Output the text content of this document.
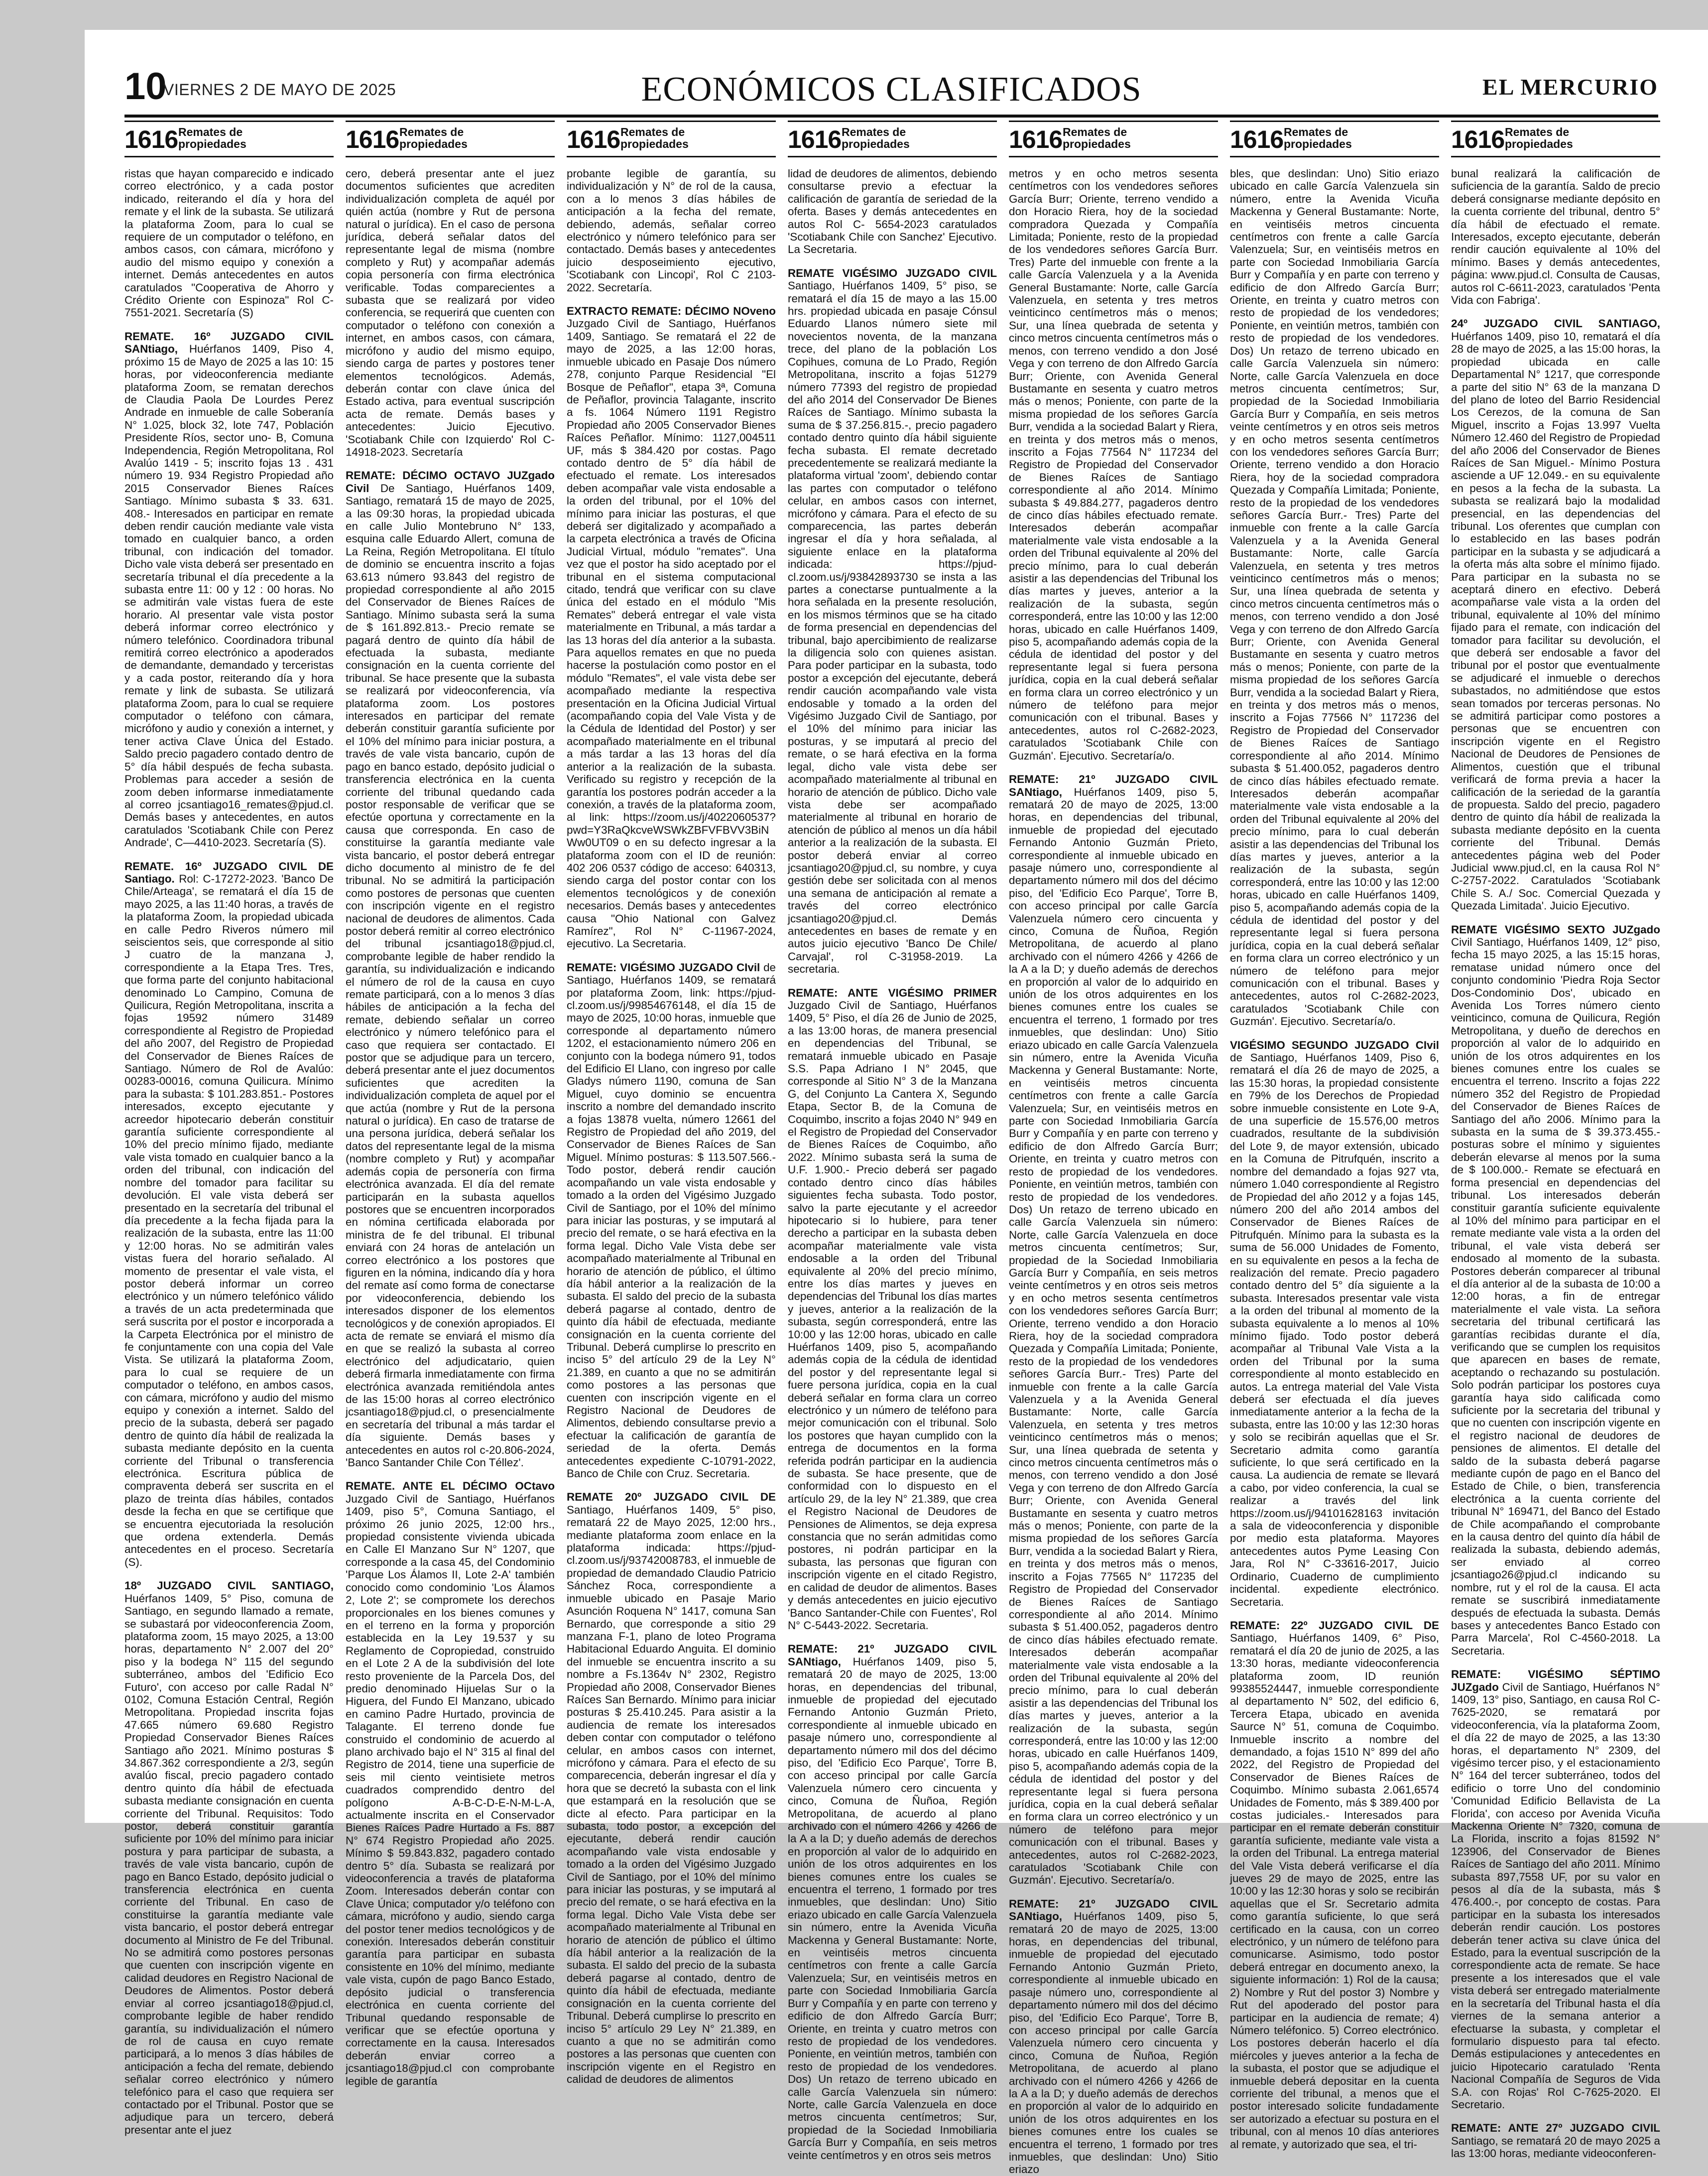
10
VIERNES 2 DE MAYO DE 2025	ECONÓMICOS CLASIFICADOS	EL MERCURIO
1616 Remates de propiedades

ristas que hayan comparecido e indicado correo electrónico, y a cada postor indicado, reiterando el día y hora del remate y el link de la subasta. Se utilizará la plataforma Zoom, para lo cual se requiere de un computador o teléfono, en ambos casos, con cámara, micrófono y audio del mismo equipo y conexión a internet. Demás antecedentes en autos caratulados "Cooperativa de Ahorro y Crédito Oriente con Espinoza" Rol C-7551-2021. Secretaría (S)

REMATE. 16º JUZGADO CIVIL SANtiago, Huérfanos 1409, Piso 4, próximo 15 de Mayo de 2025 a las 10: 15 horas, por videoconferencia mediante plataforma Zoom, se rematan derechos de Claudia Paola De Lourdes Perez Andrade en inmueble de calle Soberanía N° 1.025, block 32, lote 747, Población Presidente Ríos, sector uno- B, Comuna Independencia, Región Metropolitana, Rol Avalúo 1419 - 5; inscrito fojas 13 . 431 número 19. 934 Registro Propiedad año 2015 Conservador Bienes Raíces Santiago. Mínimo subasta $ 33. 631. 408.- Interesados en participar en remate deben rendir caución mediante vale vista tomado en cualquier banco, a orden tribunal, con indicación del tomador. Dicho vale vista deberá ser presentado en secretaría tribunal el día precedente a la subasta entre 11: 00 y 12 : 00 horas. No se admitirán vale vistas fuera de este horario. Al presentar vale vista postor deberá informar correo electrónico y número telefónico. Coordinadora tribunal remitirá correo electrónico a apoderados de demandante, demandado y terceristas y a cada postor, reiterando día y hora remate y link de subasta. Se utilizará plataforma Zoom, para lo cual se requiere computador o teléfono con cámara, micrófono y audio y conexión a internet, y tener activa Clave Única del Estado. Saldo precio pagadero contado dentro de 5° día hábil después de fecha subasta. Problemas para acceder a sesión de zoom deben informarse inmediatamente al correo jcsantiago16_remates@pjud.cl. Demás bases y antecedentes, en autos caratulados 'Scotiabank Chile con Perez Andrade', C—4410-2023. Secretaría (S).

REMATE. 16º JUZGADO CIVIL DE Santiago. Rol: C-17272-2023. 'Banco De Chile/Arteaga', se rematará el día 15 de mayo 2025, a las 11:40 horas, a través de la plataforma Zoom, la propiedad ubicada en calle Pedro Riveros número mil seiscientos seis, que corresponde al sitio J cuatro de la manzana J, correspondiente a la Etapa Tres. Tres, que forma parte del conjunto habitacional denominado Lo Campino, Comuna de Quilicura, Región Metropolitana, inscrita a fojas 19592 número 31489 correspondiente al Registro de Propiedad del año 2007, del Registro de Propiedad del Conservador de Bienes Raíces de Santiago. Número de Rol de Avalúo: 00283-00016, comuna Quilicura. Mínimo para la subasta: $ 101.283.851.- Postores interesados, excepto ejecutante y acreedor hipotecario deberán constituir garantía suficiente correspondiente al 10% del precio mínimo fijado, mediante vale vista tomado en cualquier banco a la orden del tribunal, con indicación del nombre del tomador para facilitar su devolución. El vale vista deberá ser presentado en la secretaría del tribunal el día precedente a la fecha fijada para la realización de la subasta, entre las 11:00 y 12:00 horas. No se admitirán vales vistas fuera del horario señalado. Al momento de presentar el vale vista, el postor deberá informar un correo electrónico y un número telefónico válido a través de un acta predeterminada que será suscrita por el postor e incorporada a la Carpeta Electrónica por el ministro de fe conjuntamente con una copia del Vale Vista. Se utilizará la plataforma Zoom, para lo cual se requiere de un computador o teléfono, en ambos casos, con cámara, micrófono y audio del mismo equipo y conexión a internet. Saldo del precio de la subasta, deberá ser pagado dentro de quinto día hábil de realizada la subasta mediante depósito en la cuenta corriente del Tribunal o transferencia electrónica. Escritura pública de compraventa deberá ser suscrita en el plazo de treinta días hábiles, contados desde la fecha en que se certifique que se encuentra ejecutoriada la resolución que ordena extenderla. Demás antecedentes en el proceso. Secretaría (S).

18º JUZGADO CIVIL SANTIAGO, Huérfanos 1409, 5° Piso, comuna de Santiago, en segundo llamado a remate, se subastará por videoconferencia Zoom, plataforma zoom, 15 mayo 2025, a 13:00 horas, departamento N° 2.007 del 20° piso y la bodega N° 115 del segundo subterráneo, ambos del 'Edificio Eco Futuro', con acceso por calle Radal N° 0102, Comuna Estación Central, Región Metropolitana. Propiedad inscrita fojas 47.665 número 69.680 Registro Propiedad Conservador Bienes Raíces Santiago año 2021. Mínimo posturas $ 34.867.362 correspondiente a 2/3, según avalúo fiscal, precio pagadero contado dentro quinto día hábil de efectuada subasta mediante consignación en cuenta corriente del Tribunal. Requisitos: Todo postor, deberá constituir garantía suficiente por 10% del mínimo para iniciar postura y para participar de subasta, a través de vale vista bancario, cupón de pago en Banco Estado, depósito judicial o transferencia electrónica en cuenta corriente del Tribunal. En caso de constituirse la garantía mediante vale vista bancario, el postor deberá entregar documento al Ministro de Fe del Tribunal. No se admitirá como postores personas que cuenten con inscripción vigente en calidad deudores en Registro Nacional de Deudores de Alimentos. Postor deberá enviar al correo jcsantiago18@pjud.cl, comprobante legible de haber rendido garantía, su individualización el número de rol de causa en cuyo remate participará, a lo menos 3 días hábiles de anticipación a fecha del remate, debiendo señalar correo electrónico y número telefónico para el caso que requiera ser contactado por el Tribunal. Postor que se adjudique para un tercero, deberá presentar ante el juez

1616 Remates de propiedades

cero, deberá presentar ante el juez documentos suficientes que acrediten individualización completa de aquél por quién actúa (nombre y Rut de persona natural o jurídica). En el caso de persona jurídica, deberá señalar datos del representante legal de misma (nombre completo y Rut) y acompañar además copia personería con firma electrónica verificable. Todas comparecientes a subasta que se realizará por video conferencia, se requerirá que cuenten con computador o teléfono con conexión a internet, en ambos casos, con cámara, micrófono y audio del mismo equipo, siendo carga de partes y postores tener elementos tecnológicos. Además, deberán contar con clave única del Estado activa, para eventual suscripción acta de remate. Demás bases y antecedentes: Juicio Ejecutivo. 'Scotiabank Chile con Izquierdo' Rol C-14918-2023. Secretaría

REMATE: DÉCIMO OCTAVO JUZgado Civil De Santiago, Huérfanos 1409, Santiago, rematará 15 de mayo de 2025, a las 09:30 horas, la propiedad ubicada en calle Julio Montebruno N° 133, esquina calle Eduardo Allert, comuna de La Reina, Región Metropolitana. El título de dominio se encuentra inscrito a fojas 63.613 número 93.843 del registro de propiedad correspondiente al año 2015 del Conservador de Bienes Raíces de Santiago. Mínimo subasta será la suma de $ 161.892.813.- Precio remate se pagará dentro de quinto día hábil de efectuada la subasta, mediante consignación en la cuenta corriente del tribunal. Se hace presente que la subasta se realizará por videoconferencia, vía plataforma zoom. Los postores interesados en participar del remate deberán constituir garantía suficiente por el 10% del mínimo para iniciar postura, a través de vale vista bancario, cupón de pago en banco estado, depósito judicial o transferencia electrónica en la cuenta corriente del tribunal quedando cada postor responsable de verificar que se efectúe oportuna y correctamente en la causa que corresponda. En caso de constituirse la garantía mediante vale vista bancario, el postor deberá entregar dicho documento al ministro de fe del tribunal. No se admitirá la participación como postores de personas que cuenten con inscripción vigente en el registro nacional de deudores de alimentos. Cada postor deberá remitir al correo electrónico del tribunal jcsantiago18@pjud.cl, comprobante legible de haber rendido la garantía, su individualización e indicando el número de rol de la causa en cuyo remate participará, con a lo menos 3 días hábiles de anticipación a la fecha del remate, debiendo señalar un correo electrónico y número telefónico para el caso que requiera ser contactado. El postor que se adjudique para un tercero, deberá presentar ante el juez documentos suficientes que acrediten la individualización completa de aquel por el que actúa (nombre y Rut de la persona natural o jurídica). En caso de tratarse de una persona jurídica, deberá señalar los datos del representante legal de la misma (nombre completo y Rut) y acompañar además copia de personería con firma electrónica avanzada. El día del remate participarán en la subasta aquellos postores que se encuentren incorporados en nómina certificada elaborada por ministra de fe del tribunal. El tribunal enviará con 24 horas de antelación un correo electrónico a los postores que figuren en la nómina, indicando día y hora del remate así como forma de conectarse por videoconferencia, debiendo los interesados disponer de los elementos tecnológicos y de conexión apropiados. El acta de remate se enviará el mismo día en que se realizó la subasta al correo electrónico del adjudicatario, quien deberá firmarla inmediatamente con firma electrónica avanzada remitiéndola antes de las 15:00 horas al correo electrónico jcsantiago18@pjud.cl, o presencialmente en secretaría del tribunal a más tardar el día siguiente. Demás bases y antecedentes en autos rol c-20.806-2024, 'Banco Santander Chile Con Téllez'.

REMATE. ANTE EL DÉCIMO OCtavo Juzgado Civil de Santiago, Huérfanos 1409, piso 5°, Comuna Santiago, el próximo 26 junio 2025, 12:00 hrs., propiedad consistente vivienda ubicada en Calle El Manzano Sur N° 1207, que corresponde a la casa 45, del Condominio 'Parque Los Álamos II, Lote 2-A' también conocido como condominio 'Los Álamos 2, Lote 2'; se compromete los derechos proporcionales en los bienes comunes y en el terreno en la forma y proporción establecida en la Ley 19.537 y su Reglamento de Copropiedad, construido en el Lote 2 A de la subdivisión del lote resto proveniente de la Parcela Dos, del predio denominado Hijuelas Sur o la Higuera, del Fundo El Manzano, ubicado en camino Padre Hurtado, provincia de Talagante. El terreno donde fue construido el condominio de acuerdo al plano archivado bajo el N° 315 al final del Registro de 2014, tiene una superficie de seis mil ciento veintisiete metros cuadrados comprendido dentro del polígono A-B-C-D-E-N-M-L-A, actualmente inscrita en el Conservador Bienes Raíces Padre Hurtado a Fs. 887 N° 674 Registro Propiedad año 2025. Mínimo $ 59.843.832, pagadero contado dentro 5° día. Subasta se realizará por videoconferencia a través de plataforma Zoom. Interesados deberán contar con Clave Única; computador y/o teléfono con cámara, micrófono y audio, siendo carga del postor tener medios tecnológicos y de conexión. Interesados deberán constituir garantía para participar en subasta consistente en 10% del mínimo, mediante vale vista, cupón de pago Banco Estado, depósito judicial o transferencia electrónica en cuenta corriente del Tribunal quedando responsable de verificar que se efectúe oportuna y correctamente en la causa. Interesados deberán enviar correo a jcsantiago18@pjud.cl con comprobante legible de garantía

1616 Remates de propiedades

probante legible de garantía, su individualización y N° de rol de la causa, con a lo menos 3 días hábiles de anticipación a la fecha del remate, debiendo, además, señalar correo electrónico y número telefónico para ser contactado. Demás bases y antecedentes juicio desposeimiento ejecutivo, 'Scotiabank con Lincopi', Rol C 2103-2022. Secretaría.

EXTRACTO REMATE: DÉCIMO NOveno Juzgado Civil de Santiago, Huérfanos 1409, Santiago. Se rematará el 22 de mayo de 2025, a las 12:00 horas, inmueble ubicado en Pasaje Dos número 278, conjunto Parque Residencial "El Bosque de Peñaflor", etapa 3ª, Comuna de Peñaflor, provincia Talagante, inscrito a fs. 1064 Número 1191 Registro Propiedad año 2005 Conservador Bienes Raíces Peñaflor. Mínimo: 1127,004511 UF, más $ 384.420 por costas. Pago contado dentro de 5° día hábil de efectuado el remate. Los interesados deben acompañar vale vista endosable a la orden del tribunal, por el 10% del mínimo para iniciar las posturas, el que deberá ser digitalizado y acompañado a la carpeta electrónica a través de Oficina Judicial Virtual, módulo "remates". Una vez que el postor ha sido aceptado por el tribunal en el sistema computacional citado, tendrá que verificar con su clave única del estado en el módulo "Mis Remates" deberá entregar el vale vista materialmente en Tribunal, a más tardar a las 13 horas del día anterior a la subasta. Para aquellos remates en que no pueda hacerse la postulación como postor en el módulo "Remates", el vale vista debe ser acompañado mediante la respectiva presentación en la Oficina Judicial Virtual (acompañando copia del Vale Vista y de la Cédula de Identidad del Postor) y ser acompañado materialmente en el tribunal a más tardar a las 13 horas del día anterior a la realización de la subasta. Verificado su registro y recepción de la garantía los postores podrán acceder a la conexión, a través de la plataforma zoom, al link: https://zoom.us/j/4022060537?pwd=Y3RaQkcvеWSWkZBFVFBVV3BiNWw0UT09 o en su defecto ingresar a la plataforma zoom con el ID de reunión: 402 206 0537 código de acceso: 640313, siendo carga del postor contar con los elementos tecnológicos y de conexión necesarios. Demás bases y antecedentes causa "Ohio National con Galvez Ramírez", Rol N° C-11967-2024, ejecutivo. La Secretaria.

REMATE: VIGÉSIMO JUZGADO CIvil de Santiago, Huérfanos 1409, se rematará por plataforma Zoom, link: https://pjud-cl.zoom.us/j/99854676148, el día 15 de mayo de 2025, 10:00 horas, inmueble que corresponde al departamento número 1202, el estacionamiento número 206 en conjunto con la bodega número 91, todos del Edificio El Llano, con ingreso por calle Gladys número 1190, comuna de San Miguel, cuyo dominio se encuentra inscrito a nombre del demandado inscrito a fojas 13878 vuelta, número 12661 del Registro de Propiedad del año 2019, del Conservador de Bienes Raíces de San Miguel. Mínimo posturas: $ 113.507.566.- Todo postor, deberá rendir caución acompañando un vale vista endosable y tomado a la orden del Vigésimo Juzgado Civil de Santiago, por el 10% del mínimo para iniciar las posturas, y se imputará al precio del remate, o se hará efectiva en la forma legal. Dicho Vale Vista debe ser acompañado materialmente al Tribunal en horario de atención de público, el último día hábil anterior a la realización de la subasta. El saldo del precio de la subasta deberá pagarse al contado, dentro de quinto día hábil de efectuada, mediante consignación en la cuenta corriente del Tribunal. Deberá cumplirse lo prescrito en inciso 5° del artículo 29 de la Ley N° 21.389, en cuanto a que no se admitirán como postores a las personas que cuenten con inscripción vigente en el Registro Nacional de Deudores de Alimentos, debiendo consultarse previo a efectuar la calificación de garantía de seriedad de la oferta. Demás antecedentes expediente C-10791-2022, Banco de Chile con Cruz. Secretaria.

REMATE 20º JUZGADO CIVIL DE Santiago, Huérfanos 1409, 5° piso, rematará 22 de Mayo 2025, 12:00 hrs., mediante plataforma zoom enlace en la plataforma indicada: https://pjud-cl.zoom.us/j/93742008783, el inmueble de propiedad de demandado Claudio Patricio Sánchez Roca, correspondiente a inmueble ubicado en Pasaje Mario Asunción Roquena N° 1417, comuna San Bernardo, que corresponde a sitio 29 manzana F-1, plano de loteo Programa Habitacional Eduardo Anguita. El dominio del inmueble se encuentra inscrito a su nombre a Fs.1364v N° 2302, Registro Propiedad año 2008, Conservador Bienes Raíces San Bernardo. Mínimo para iniciar posturas $ 25.410.245. Para asistir a la audiencia de remate los interesados deben contar con computador o teléfono celular, en ambos casos con internet, micrófono y cámara. Para el efecto de su comparecencia, deberán ingresar el día y hora que se decretó la subasta con el link que estampará en la resolución que se dicte al efecto. Para participar en la subasta, todo postor, a excepción del ejecutante, deberá rendir caución acompañando vale vista endosable y tomado a la orden del Vigésimo Juzgado Civil de Santiago, por el 10% del mínimo para iniciar las posturas, y se imputará al precio del remate, o se hará efectiva en la forma legal. Dicho Vale Vista debe ser acompañado materialmente al Tribunal en horario de atención de público el último día hábil anterior a la realización de la subasta. El saldo del precio de la subasta deberá pagarse al contado, dentro de quinto día hábil de efectuada, mediante consignación en la cuenta corriente del Tribunal. Deberá cumplirse lo prescrito en inciso 5° artículo 29 Ley N° 21.389, en cuanto a que no se admitirán como postores a las personas que cuenten con inscripción vigente en el Registro en calidad de deudores de alimentos

1616 Remates de propiedades

lidad de deudores de alimentos, debiendo consultarse previo a efectuar la calificación de garantía de seriedad de la oferta. Bases y demás antecedentes en autos Rol C- 5654-2023 caratulados 'Scotiabank Chile con Sanchez' Ejecutivo. La Secretaria.

REMATE VIGÉSIMO JUZGADO CIVIL Santiago, Huérfanos 1409, 5° piso, se rematará el día 15 de mayo a las 15.00 hrs. propiedad ubicada en pasaje Cónsul Eduardo Llanos número siete mil novecientos noventa, de la manzana trece, del plano de la población Los Copihues, comuna de Lo Prado, Región Metropolitana, inscrito a fojas 51279 número 77393 del registro de propiedad del año 2014 del Conservador De Bienes Raíces de Santiago. Mínimo subasta la suma de $ 37.256.815.-, precio pagadero contado dentro quinto día hábil siguiente fecha subasta. El remate decretado precedentemente se realizará mediante la plataforma virtual 'zoom', debiendo contar las partes con computador o teléfono celular, en ambos casos con internet, micrófono y cámara. Para el efecto de su comparecencia, las partes deberán ingresar el día y hora señalada, al siguiente enlace en la plataforma indicada: https://pjud-cl.zoom.us/j/93842893730 se insta a las partes a conectarse puntualmente a la hora señalada en la presente resolución, en los mismos términos que se ha citado de forma presencial en dependencias del tribunal, bajo apercibimiento de realizarse la diligencia solo con quienes asistan. Para poder participar en la subasta, todo postor a excepción del ejecutante, deberá rendir caución acompañando vale vista endosable y tomado a la orden del Vigésimo Juzgado Civil de Santiago, por el 10% del mínimo para iniciar las posturas, y se imputará al precio del remate, o se hará efectiva en la forma legal, dicho vale vista debe ser acompañado materialmente al tribunal en horario de atención de público. Dicho vale vista debe ser acompañado materialmente al tribunal en horario de atención de público al menos un día hábil anterior a la realización de la subasta. El postor deberá enviar al correo jcsantiago20@pjud.cl, su nombre, y cuya gestión debe ser solicitada con al menos una semana de anticipación al remate a través del correo electrónico jcsantiago20@pjud.cl. Demás antecedentes en bases de remate y en autos juicio ejecutivo 'Banco De Chile/ Carvajal', rol C-31958-2019. La secretaria.

REMATE: ANTE VIGÉSIMO PRIMER Juzgado Civil de Santiago, Huérfanos 1409, 5° Piso, el día 26 de Junio de 2025, a las 13:00 horas, de manera presencial en dependencias del Tribunal, se rematará inmueble ubicado en Pasaje S.S. Papa Adriano I N° 2045, que corresponde al Sitio N° 3 de la Manzana G, del Conjunto La Cantera X, Segundo Etapa, Sector B, de la Comuna de Coquimbo, inscrito a fojas 2040 N° 949 en el Registro de Propiedad del Conservador de Bienes Raíces de Coquimbo, año 2022. Mínimo subasta será la suma de U.F. 1.900.- Precio deberá ser pagado contado dentro cinco días hábiles siguientes fecha subasta. Todo postor, salvo la parte ejecutante y el acreedor hipotecario si lo hubiere, para tener derecho a participar en la subasta deben acompañar materialmente vale vista endosable a la orden del Tribunal equivalente al 20% del precio mínimo, entre los días martes y jueves en dependencias del Tribunal los días martes y jueves, anterior a la realización de la subasta, según corresponderá, entre las 10:00 y las 12:00 horas, ubicado en calle Huérfanos 1409, piso 5, acompañando además copia de la cédula de identidad del postor y del representante legal si fuere persona jurídica, copia en la cual deberá señalar en forma clara un correo electrónico y un número de teléfono para mejor comunicación con el tribunal. Solo los postores que hayan cumplido con la entrega de documentos en la forma referida podrán participar en la audiencia de subasta. Se hace presente, que de conformidad con lo dispuesto en el artículo 29, de la ley N° 21.389, que crea el Registro Nacional de Deudores de Pensiones de Alimentos, se deja expresa constancia que no serán admitidas como postores, ni podrán participar en la subasta, las personas que figuran con inscripción vigente en el citado Registro, en calidad de deudor de alimentos. Bases y demás antecedentes en juicio ejecutivo 'Banco Santander-Chile con Fuentes', Rol N° C-5443-2022. Secretaria.

REMATE: 21º JUZGADO CIVIL SANtiago, Huérfanos 1409, piso 5, rematará 20 de mayo de 2025, 13:00 horas, en dependencias del tribunal, inmueble de propiedad del ejecutado Fernando Antonio Guzmán Prieto, correspondiente al inmueble ubicado en pasaje número uno, correspondiente al departamento número mil dos del décimo piso, del 'Edificio Eco Parque', Torre B, con acceso principal por calle García Valenzuela número cero cincuenta y cinco, Comuna de Ñuñoa, Región Metropolitana, de acuerdo al plano archivado con el número 4266 y 4266 de la A a la D; y dueño además de derechos en proporción al valor de lo adquirido en unión de los otros adquirentes en los bienes comunes entre los cuales se encuentra el terreno, 1 formado por tres inmuebles, que deslindan: Uno) Sitio eriazo ubicado en calle García Valenzuela sin número, entre la Avenida Vicuña Mackenna y General Bustamante: Norte, en veintiséis metros cincuenta centímetros con frente a calle García Valenzuela; Sur, en veintiséis metros en parte con Sociedad Inmobiliaria García Burr y Compañía y en parte con terreno y edificio de don Alfredo García Burr; Oriente, en treinta y cuatro metros con resto de propiedad de los vendedores. Poniente, en veintiún metros, también con resto de propiedad de los vendedores. Dos) Un retazo de terreno ubicado en calle García Valenzuela sin número: Norte, calle García Valenzuela en doce metros cincuenta centímetros; Sur, propiedad de la Sociedad Inmobiliaria García Burr y Compañía, en seis metros veinte centímetros y en otros seis metros

1616 Remates de propiedades

metros y en ocho metros sesenta centímetros con los vendedores señores García Burr; Oriente, terreno vendido a don Horacio Riera, hoy de la sociedad compradora Quezada y Compañía Limitada; Poniente, resto de la propiedad de los vendedores señores García Burr. Tres) Parte del inmueble con frente a la calle García Valenzuela y a la Avenida General Bustamante: Norte, calle García Valenzuela, en setenta y tres metros veinticinco centímetros más o menos; Sur, una línea quebrada de setenta y cinco metros cincuenta centímetros más o menos, con terreno vendido a don José Vega y con terreno de don Alfredo García Burr; Oriente, con Avenida General Bustamante en sesenta y cuatro metros más o menos; Poniente, con parte de la misma propiedad de los señores García Burr, vendida a la sociedad Balart y Riera, en treinta y dos metros más o menos, inscrito a Fojas 77564 N° 117234 del Registro de Propiedad del Conservador de Bienes Raíces de Santiago correspondiente al año 2014. Mínimo subasta $ 49.884.277, pagaderos dentro de cinco días hábiles efectuado remate. Interesados deberán acompañar materialmente vale vista endosable a la orden del Tribunal equivalente al 20% del precio mínimo, para lo cual deberán asistir a las dependencias del Tribunal los días martes y jueves, anterior a la realización de la subasta, según corresponderá, entre las 10:00 y las 12:00 horas, ubicado en calle Huérfanos 1409, piso 5, acompañando además copia de la cédula de identidad del postor y del representante legal si fuera persona jurídica, copia en la cual deberá señalar en forma clara un correo electrónico y un número de teléfono para mejor comunicación con el tribunal. Bases y antecedentes, autos rol C-2682-2023, caratulados 'Scotiabank Chile con Guzmán'. Ejecutivo. Secretaría/o.

REMATE: 21º JUZGADO CIVIL SANtiago, Huérfanos 1409, piso 5, rematará 20 de mayo de 2025, 13:00 horas, en dependencias del tribunal, inmueble de propiedad del ejecutado Fernando Antonio Guzmán Prieto, correspondiente al inmueble ubicado en pasaje número uno, correspondiente al departamento número mil dos del décimo piso, del 'Edificio Eco Parque', Torre B, con acceso principal por calle García Valenzuela número cero cincuenta y cinco, Comuna de Ñuñoa, Región Metropolitana, de acuerdo al plano archivado con el número 4266 y 4266 de la A a la D; y dueño además de derechos en proporción al valor de lo adquirido en unión de los otros adquirentes en los bienes comunes entre los cuales se encuentra el terreno, 1 formado por tres inmuebles, que deslindan: Uno) Sitio eriazo ubicado en calle García Valenzuela sin número, entre la Avenida Vicuña Mackenna y General Bustamante: Norte, en veintiséis metros cincuenta centímetros con frente a calle García Valenzuela; Sur, en veintiséis metros en parte con Sociedad Inmobiliaria García Burr y Compañía y en parte con terreno y edificio de don Alfredo García Burr; Oriente, en treinta y cuatro metros con resto de propiedad de los vendedores. Poniente, en veintiún metros, también con resto de propiedad de los vendedores. Dos) Un retazo de terreno ubicado en calle García Valenzuela sin número: Norte, calle García Valenzuela en doce metros cincuenta centímetros; Sur, propiedad de la Sociedad Inmobiliaria García Burr y Compañía, en seis metros veinte centímetros y en otros seis metros y en ocho metros sesenta centímetros con los vendedores señores García Burr; Oriente, terreno vendido a don Horacio Riera, hoy de la sociedad compradora Quezada y Compañía Limitada; Poniente, resto de la propiedad de los vendedores señores García Burr.- Tres) Parte del inmueble con frente a la calle García Valenzuela y a la Avenida General Bustamante: Norte, calle García Valenzuela, en setenta y tres metros veinticinco centímetros más o menos; Sur, una línea quebrada de setenta y cinco metros cincuenta centímetros más o menos, con terreno vendido a don José Vega y con terreno de don Alfredo García Burr; Oriente, con Avenida General Bustamante en sesenta y cuatro metros más o menos; Poniente, con parte de la misma propiedad de los señores García Burr, vendida a la sociedad Balart y Riera, en treinta y dos metros más o menos, inscrito a Fojas 77565 N° 117235 del Registro de Propiedad del Conservador de Bienes Raíces de Santiago correspondiente al año 2014. Mínimo subasta $ 51.400.052, pagaderos dentro de cinco días hábiles efectuado remate. Interesados deberán acompañar materialmente vale vista endosable a la orden del Tribunal equivalente al 20% del precio mínimo, para lo cual deberán asistir a las dependencias del Tribunal los días martes y jueves, anterior a la realización de la subasta, según corresponderá, entre las 10:00 y las 12:00 horas, ubicado en calle Huérfanos 1409, piso 5, acompañando además copia de la cédula de identidad del postor y del representante legal si fuera persona jurídica, copia en la cual deberá señalar en forma clara un correo electrónico y un número de teléfono para mejor comunicación con el tribunal. Bases y antecedentes, autos rol C-2682-2023, caratulados 'Scotiabank Chile con Guzmán'. Ejecutivo. Secretaría/o.

REMATE: 21º JUZGADO CIVIL SANtiago, Huérfanos 1409, piso 5, rematará 20 de mayo de 2025, 13:00 horas, en dependencias del tribunal, inmueble de propiedad del ejecutado Fernando Antonio Guzmán Prieto, correspondiente al inmueble ubicado en pasaje número uno, correspondiente al departamento número mil dos del décimo piso, del 'Edificio Eco Parque', Torre B, con acceso principal por calle García Valenzuela número cero cincuenta y cinco, Comuna de Ñuñoa, Región Metropolitana, de acuerdo al plano archivado con el número 4266 y 4266 de la A a la D; y dueño además de derechos en proporción al valor de lo adquirido en unión de los otros adquirentes en los bienes comunes entre los cuales se encuentra el terreno, 1 formado por tres inmuebles, que deslindan: Uno) Sitio eriazo

1616 Remates de propiedades

bles, que deslindan: Uno) Sitio eriazo ubicado en calle García Valenzuela sin número, entre la Avenida Vicuña Mackenna y General Bustamante: Norte, en veintiséis metros cincuenta centímetros con frente a calle García Valenzuela; Sur, en veintiséis metros en parte con Sociedad Inmobiliaria García Burr y Compañía y en parte con terreno y edificio de don Alfredo García Burr; Oriente, en treinta y cuatro metros con resto de propiedad de los vendedores; Poniente, en veintiún metros, también con resto de propiedad de los vendedores. Dos) Un retazo de terreno ubicado en calle García Valenzuela sin número: Norte, calle García Valenzuela en doce metros cincuenta centímetros; Sur, propiedad de la Sociedad Inmobiliaria García Burr y Compañía, en seis metros veinte centímetros y en otros seis metros y en ocho metros sesenta centímetros con los vendedores señores García Burr; Oriente, terreno vendido a don Horacio Riera, hoy de la sociedad compradora Quezada y Compañía Limitada; Poniente, resto de la propiedad de los vendedores señores García Burr.- Tres) Parte del inmueble con frente a la calle García Valenzuela y a la Avenida General Bustamante: Norte, calle García Valenzuela, en setenta y tres metros veinticinco centímetros más o menos; Sur, una línea quebrada de setenta y cinco metros cincuenta centímetros más o menos, con terreno vendido a don José Vega y con terreno de don Alfredo García Burr; Oriente, con Avenida General Bustamante en sesenta y cuatro metros más o menos; Poniente, con parte de la misma propiedad de los señores García Burr, vendida a la sociedad Balart y Riera, en treinta y dos metros más o menos, inscrito a Fojas 77566 N° 117236 del Registro de Propiedad del Conservador de Bienes Raíces de Santiago correspondiente al año 2014. Mínimo subasta $ 51.400.052, pagaderos dentro de cinco días hábiles efectuado remate. Interesados deberán acompañar materialmente vale vista endosable a la orden del Tribunal equivalente al 20% del precio mínimo, para lo cual deberán asistir a las dependencias del Tribunal los días martes y jueves, anterior a la realización de la subasta, según corresponderá, entre las 10:00 y las 12:00 horas, ubicado en calle Huérfanos 1409, piso 5, acompañando además copia de la cédula de identidad del postor y del representante legal si fuera persona jurídica, copia en la cual deberá señalar en forma clara un correo electrónico y un número de teléfono para mejor comunicación con el tribunal. Bases y antecedentes, autos rol C-2682-2023, caratulados 'Scotiabank Chile con Guzmán'. Ejecutivo. Secretaría/o.

VIGÉSIMO SEGUNDO JUZGADO CIvil de Santiago, Huérfanos 1409, Piso 6, rematará el día 26 de mayo de 2025, a las 15:30 horas, la propiedad consistente en 79% de los Derechos de Propiedad sobre inmueble consistente en Lote 9-A, de una superficie de 15.576,00 metros cuadrados, resultante de la subdivisión del Lote 9, de mayor extensión, ubicado en la Comuna de Pitrufquén, inscrito a nombre del demandado a fojas 927 vta, número 1.040 correspondiente al Registro de Propiedad del año 2012 y a fojas 145, número 200 del año 2014 ambos del Conservador de Bienes Raíces de Pitrufquén. Mínimo para la subasta es la suma de 56.000 Unidades de Fomento, en su equivalente en pesos a la fecha de realización del remate. Precio pagadero contado dentro del 5° día siguiente a la subasta. Interesados presentar vale vista a la orden del tribunal al momento de la subasta equivalente a lo menos al 10% mínimo fijado. Todo postor deberá acompañar al Tribunal Vale Vista a la orden del Tribunal por la suma correspondiente al monto establecido en autos. La entrega material del Vale Vista deberá ser efectuada el día jueves inmediatamente anterior a la fecha de la subasta, entre las 10:00 y las 12:30 horas y solo se recibirán aquellas que el Sr. Secretario admita como garantía suficiente, lo que será certificado en la causa. La audiencia de remate se llevará a cabo, por video conferencia, la cual se realizar a través del link https://zoom.us/j/94101628163 invitación a sala de videoconferencia y disponible por medio esta plataforma. Mayores antecedentes autos Pyme Leasing Con Jara, Rol N° C-33616-2017, Juicio Ordinario, Cuaderno de cumplimiento incidental. expediente electrónico. Secretaria.

REMATE: 22º JUZGADO CIVIL DE Santiago, Huérfanos 1409, 6° Piso, rematará el día 20 de junio de 2025, a las 13:30 horas, mediante videoconferencia plataforma zoom, ID reunión 99385524447, inmueble correspondiente al departamento N° 502, del edificio 6, Tercera Etapa, ubicado en avenida Saurce N° 51, comuna de Coquimbo. Inmueble inscrito a nombre del demandado, a fojas 1510 N° 899 del año 2022, del Registro de Propiedad del Conservador de Bienes Raíces de Coquimbo. Mínimo subasta 2.061,6574 Unidades de Fomento, más $ 389.400 por costas judiciales.- Interesados para participar en el remate deberán constituir garantía suficiente, mediante vale vista a la orden del Tribunal. La entrega material del Vale Vista deberá verificarse el día jueves 29 de mayo de 2025, entre las 10:00 y las 12:30 horas y solo se recibirán aquellas que el Sr. Secretario admita como garantía suficiente, lo que será certificado en la causa, con un correo electrónico, y un número de teléfono para comunicarse. Asimismo, todo postor deberá entregar en documento anexo, la siguiente información: 1) Rol de la causa; 2) Nombre y Rut del postor 3) Nombre y Rut del apoderado del postor para participar en la audiencia de remate; 4) Número teléfonico. 5) Correo electrónico. Los postores deberán hacerlo el día miércoles y jueves anterior a la fecha de la subasta, el postor que se adjudique el inmueble deberá depositar en la cuenta corriente del tribunal, a menos que el postor interesado solicite fundadamente ser autorizado a efectuar su postura en el tribunal, con al menos 10 días anteriores al remate, y autorizado que sea, el tri-

1616 Remates de propiedades

bunal realizará la calificación de suficiencia de la garantía. Saldo de precio deberá consignarse mediante depósito en la cuenta corriente del tribunal, dentro 5° día hábil de efectuado el remate. Interesados, excepto ejecutante, deberán rendir caución equivalente al 10% del mínimo. Bases y demás antecedentes, página: www.pjud.cl. Consulta de Causas, autos rol C-6611-2023, caratulados 'Penta Vida con Fabriga'.

24º JUZGADO CIVIL SANTIAGO, Huérfanos 1409, piso 10, rematará el día 28 de mayo de 2025, a las 15:00 horas, la propiedad ubicada en calle Departamental N° 1217, que corresponde a parte del sitio N° 63 de la manzana D del plano de loteo del Barrio Residencial Los Cerezos, de la comuna de San Miguel, inscrito a Fojas 13.997 Vuelta Número 12.460 del Registro de Propiedad del año 2006 del Conservador de Bienes Raíces de San Miguel.- Mínimo Postura asciende a UF 12.049.- en su equivalente en pesos a la fecha de la subasta. La subasta se realizará bajo la modalidad presencial, en las dependencias del tribunal. Los oferentes que cumplan con lo establecido en las bases podrán participar en la subasta y se adjudicará a la oferta más alta sobre el mínimo fijado. Para participar en la subasta no se aceptará dinero en efectivo. Deberá acompañarse vale vista a la orden del tribunal, equivalente al 10% del mínimo fijado para el remate, con indicación del tomador para facilitar su devolución, el que deberá ser endosable a favor del tribunal por el postor que eventualmente se adjudicaré el inmueble o derechos subastados, no admitiéndose que estos sean tomados por terceras personas. No se admitirá participar como postores a personas que se encuentren con inscripción vigente en el Registro Nacional de Deudores de Pensiones de Alimentos, cuestión que el tribunal verificará de forma previa a hacer la calificación de la seriedad de la garantía de propuesta. Saldo del precio, pagadero dentro de quinto día hábil de realizada la subasta mediante depósito en la cuenta corriente del Tribunal. Demás antecedentes página web del Poder Judicial www.pjud.cl, en la causa Rol N° C-2757-2022. Caratulados 'Scotiabank Chile S. A./ Soc. Comercial Quezada y Quezada Limitada'. Juicio Ejecutivo.

REMATE VIGÉSIMO SEXTO JUZgado Civil Santiago, Huérfanos 1409, 12° piso, fecha 15 mayo 2025, a las 15:15 horas, rematase unidad número once del conjunto condominio 'Piedra Roja Sector Dos-Condominio Dos', ubicado en Avenida Los Torres número ciento veinticinco, comuna de Quilicura, Región Metropolitana, y dueño de derechos en proporción al valor de lo adquirido en unión de los otros adquirentes en los bienes comunes entre los cuales se encuentra el terreno. Inscrito a fojas 222 número 352 del Registro de Propiedad del Conservador de Bienes Raíces de Santiago del año 2006. Mínimo para la subasta en la suma de $ 39.373.455.- posturas sobre el mínimo y siguientes deberán elevarse al menos por la suma de $ 100.000.- Remate se efectuará en forma presencial en dependencias del tribunal. Los interesados deberán constituir garantía suficiente equivalente al 10% del mínimo para participar en el remate mediante vale vista a la orden del tribunal, el vale vista deberá ser endosado al momento de la subasta. Postores deberán comparecer al tribunal el día anterior al de la subasta de 10:00 a 12:00 horas, a fin de entregar materialmente el vale vista. La señora secretaria del tribunal certificará las garantías recibidas durante el día, verificando que se cumplen los requisitos que aparecen en bases de remate, aceptando o rechazando su postulación. Solo podrán participar los postores cuya garantía haya sido calificada como suficiente por la secretaria del tribunal y que no cuenten con inscripción vigente en el registro nacional de deudores de pensiones de alimentos. El detalle del saldo de la subasta deberá pagarse mediante cupón de pago en el Banco del Estado de Chile, o bien, transferencia electrónica a la cuenta corriente del tribunal N° 169471, del Banco del Estado de Chile acompañando el comprobante en la causa dentro del quinto día hábil de realizada la subasta, debiendo además, ser enviado al correo jcsantiago26@pjud.cl indicando su nombre, rut y el rol de la causa. El acta remate se suscribirá inmediatamente después de efectuada la subasta. Demás bases y antecedentes Banco Estado con Parra Marcela', Rol C-4560-2018. La Secretaria.

REMATE: VIGÉSIMO SÉPTIMO JUZgado Civil de Santiago, Huérfanos N° 1409, 13° piso, Santiago, en causa Rol C-7625-2020, se rematará por videoconferencia, vía la plataforma Zoom, el día 22 de mayo de 2025, a las 13:30 horas, el departamento N° 2309, del vigésimo tercer piso, y el estacionamiento N° 164 del tercer subterráneo, todos del edificio o torre Uno del condominio 'Comunidad Edificio Bellavista de La Florida', con acceso por Avenida Vicuña Mackenna Oriente N° 7320, comuna de La Florida, inscrito a fojas 81592 N° 123906, del Conservador de Bienes Raíces de Santiago del año 2011. Mínimo subasta 897,7558 UF, por su valor en pesos al día de la subasta, más $ 476.400.-, por concepto de costas. Para participar en la subasta los interesados deberán rendir caución. Los postores deberán tener activa su clave única del Estado, para la eventual suscripción de la correspondiente acta de remate. Se hace presente a los interesados que el vale vista deberá ser entregado materialmente en la secretaría del Tribunal hasta el día viernes de la semana anterior a efectuarse la subasta, y completar el formulario dispuesto para tal efecto. Demás estipulaciones y antecedentes en juicio Hipotecario caratulado 'Renta Nacional Compañía de Seguros de Vida S.A. con Rojas' Rol C-7625-2020. El Secretario.

REMATE: ANTE 27º JUZGADO CIVIL Santiago, se rematará 20 de mayo 2025 a las 13:00 horas, mediante videoconferen-
